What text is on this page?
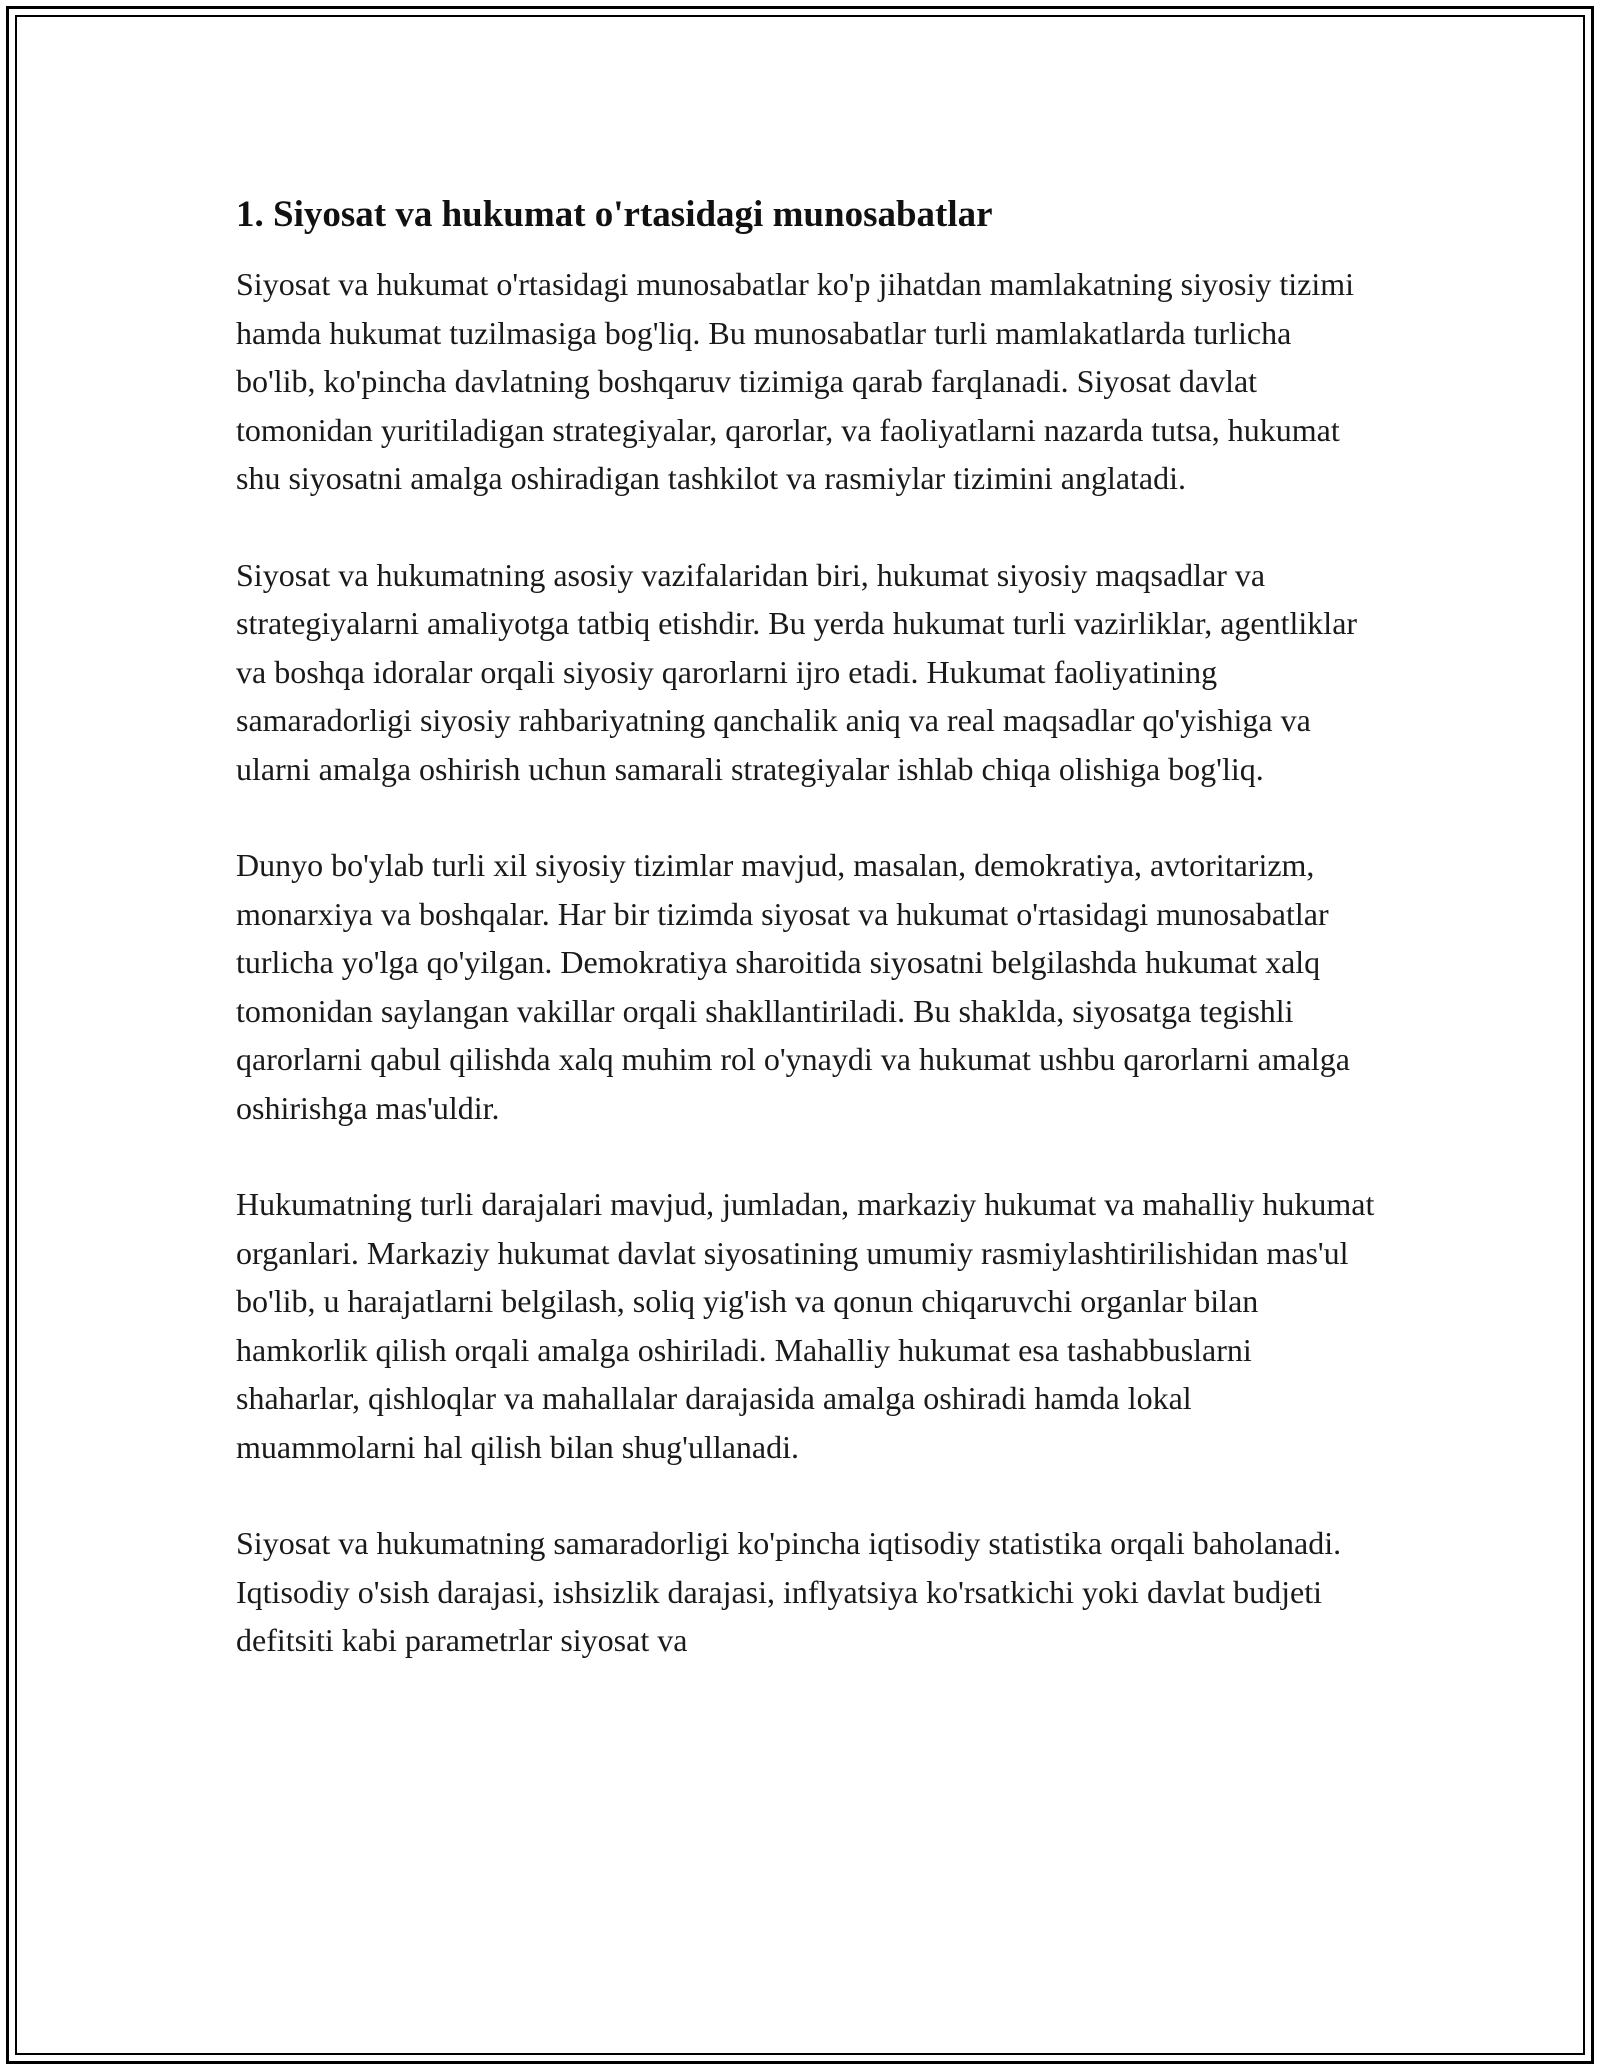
1. Siyosat va hukumat o'rtasidagi munosabatlar

Siyosat va hukumat o'rtasidagi munosabatlar ko'p jihatdan mamlakatning siyosiy tizimi hamda hukumat tuzilmasiga bog'liq. Bu munosabatlar turli mamlakatlarda turlicha bo'lib, ko'pincha davlatning boshqaruv tizimiga qarab farqlanadi. Siyosat davlat tomonidan yuritiladigan strategiyalar, qarorlar, va faoliyatlarni nazarda tutsa, hukumat shu siyosatni amalga oshiradigan tashkilot va rasmiylar tizimini anglatadi.

Siyosat va hukumatning asosiy vazifalaridan biri, hukumat siyosiy maqsadlar va strategiyalarni amaliyotga tatbiq etishdir. Bu yerda hukumat turli vazirliklar, agentliklar va boshqa idoralar orqali siyosiy qarorlarni ijro etadi. Hukumat faoliyatining samaradorligi siyosiy rahbariyatning qanchalik aniq va real maqsadlar qo'yishiga va ularni amalga oshirish uchun samarali strategiyalar ishlab chiqa olishiga bog'liq.

Dunyo bo'ylab turli xil siyosiy tizimlar mavjud, masalan, demokratiya, avtoritarizm, monarxiya va boshqalar. Har bir tizimda siyosat va hukumat o'rtasidagi munosabatlar turlicha yo'lga qo'yilgan. Demokratiya sharoitida siyosatni belgilashda hukumat xalq tomonidan saylangan vakillar orqali shakllantiriladi. Bu shaklda, siyosatga tegishli qarorlarni qabul qilishda xalq muhim rol o'ynaydi va hukumat ushbu qarorlarni amalga oshirishga mas'uldir.

Hukumatning turli darajalari mavjud, jumladan, markaziy hukumat va mahalliy hukumat organlari. Markaziy hukumat davlat siyosatining umumiy rasmiylashtirilishidan mas'ul bo'lib, u harajatlarni belgilash, soliq yig'ish va qonun chiqaruvchi organlar bilan hamkorlik qilish orqali amalga oshiriladi. Mahalliy hukumat esa tashabbuslarni shaharlar, qishloqlar va mahallalar darajasida amalga oshiradi hamda lokal muammolarni hal qilish bilan shug'ullanadi.

Siyosat va hukumatning samaradorligi ko'pincha iqtisodiy statistika orqali baholanadi. Iqtisodiy o'sish darajasi, ishsizlik darajasi, inflyatsiya ko'rsatkichi yoki davlat budjeti defitsiti kabi parametrlar siyosat va
